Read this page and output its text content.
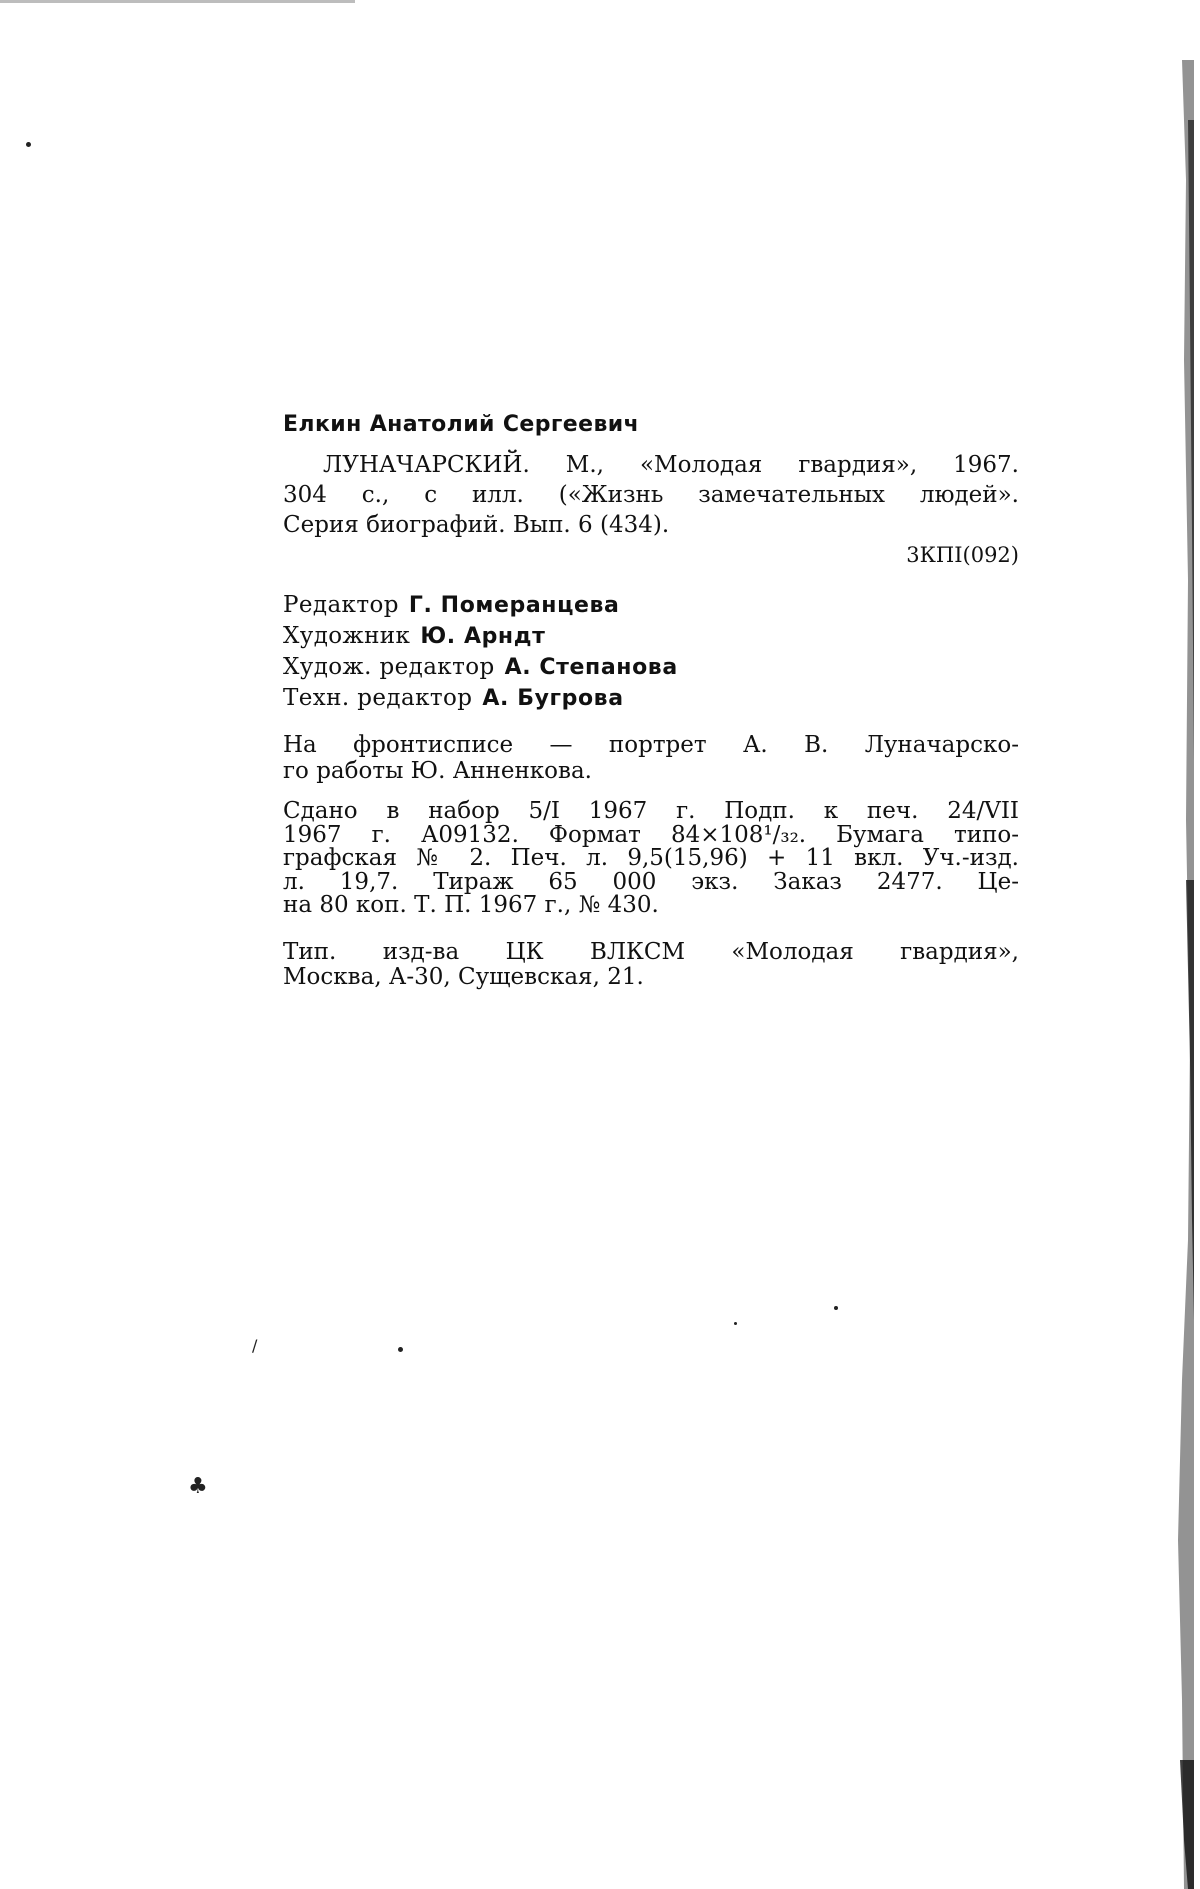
Елкин Анатолий Сергеевич
ЛУНАЧАРСКИЙ. М., «Молодая гвардия», 1967.
304 с., с илл. («Жизнь замечательных людей».
Серия биографий. Вып. 6 (434).
3КПI(092)
Редактор Г. Померанцева
Художник Ю. Арндт
Худож. редактор А. Степанова
Техн. редактор А. Бугрова
На фронтисписе — портрет А. В. Луначарско-
го работы Ю. Анненкова.
Сдано в набор 5/I 1967 г. Подп. к печ. 24/VII
1967 г. А09132. Формат 84×108¹/₃₂. Бумага типо-
графская № 2. Печ. л. 9,5(15,96) + 11 вкл. Уч.-изд.
л. 19,7. Тираж 65 000 экз. Заказ 2477. Це-
на 80 коп. Т. П. 1967 г., № 430.
Тип. изд-ва ЦК ВЛКСМ «Молодая гвардия»,
Москва, А-30, Сущевская, 21.
/
♣
